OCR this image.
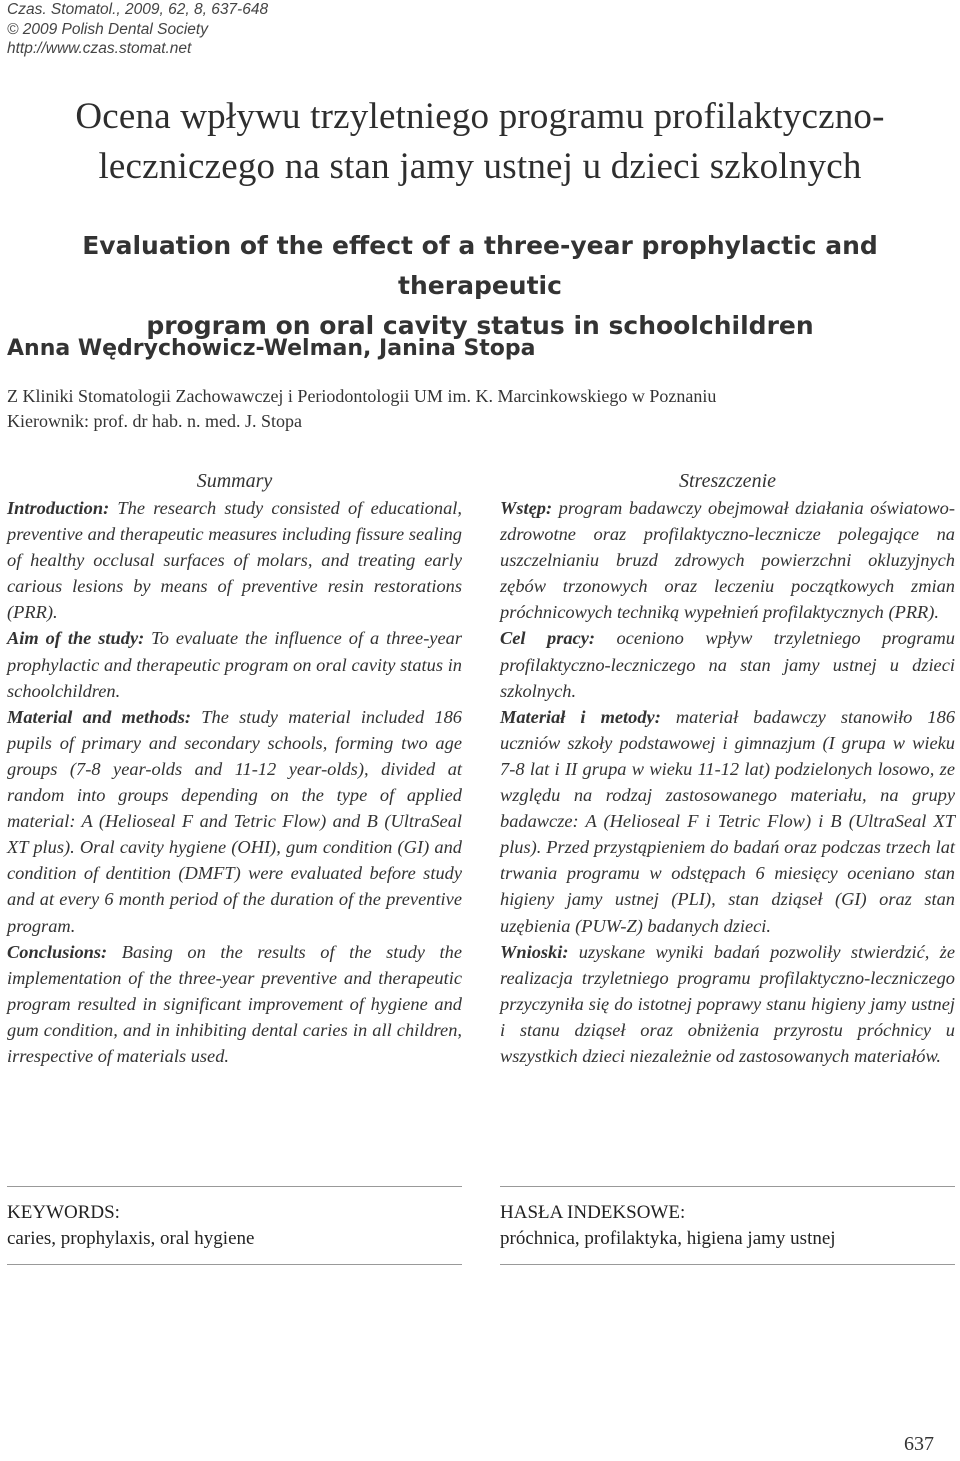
Czas. Stomatol., 2009, 62, 8, 637-648
© 2009 Polish Dental Society
http://www.czas.stomat.net
Ocena wpływu trzyletniego programu profilaktyczno-
leczniczego na stan jamy ustnej u dzieci szkolnych
Evaluation of the effect of a three-year prophylactic and therapeutic
program on oral cavity status in schoolchildren
Anna Wędrychowicz-Welman, Janina Stopa
Z Kliniki Stomatologii Zachowawczej i Periodontologii UM im. K. Marcinkowskiego w Poznaniu
Kierownik: prof. dr hab. n. med. J. Stopa
Summary

Introduction: The research study consisted of educational, preventive and therapeutic measures including fissure sealing of healthy occlusal surfaces of molars, and treating early carious lesions by means of preventive resin restorations (PRR).

Aim of the study: To evaluate the influence of a three-year prophylactic and therapeutic program on oral cavity status in schoolchildren.

Material and methods: The study material included 186 pupils of primary and secondary schools, forming two age groups (7-8 year-olds and 11-12 year-olds), divided at random into groups depending on the type of applied material: A (Helioseal F and Tetric Flow) and B (UltraSeal XT plus). Oral cavity hygiene (OHI), gum condition (GI) and condition of dentition (DMFT) were evaluated before study and at every 6 month period of the duration of the preventive program.

Conclusions: Basing on the results of the study the implementation of the three-year preventive and therapeutic program resulted in significant improvement of hygiene and gum condition, and in inhibiting dental caries in all children, irrespective of materials used.

Streszczenie

Wstęp: program badawczy obejmował działania oświatowo-zdrowotne oraz profilaktyczno-lecznicze polegające na uszczelnianiu bruzd zdrowych powierzchni okluzyjnych zębów trzonowych oraz leczeniu początkowych zmian próchnicowych techniką wypełnień profilaktycznych (PRR).

Cel pracy: oceniono wpływ trzyletniego programu profilaktyczno-leczniczego na stan jamy ustnej u dzieci szkolnych.

Materiał i metody: materiał badawczy stanowiło 186 uczniów szkoły podstawowej i gimnazjum (I grupa w wieku 7-8 lat i II grupa w wieku 11-12 lat) podzielonych losowo, ze względu na rodzaj zastosowanego materiału, na grupy badawcze: A (Helioseal F i Tetric Flow) i B (UltraSeal XT plus). Przed przystąpieniem do badań oraz podczas trzech lat trwania programu w odstępach 6 miesięcy oceniano stan higieny jamy ustnej (PLI), stan dziąseł (GI) oraz stan uzębienia (PUW-Z) badanych dzieci.

Wnioski: uzyskane wyniki badań pozwoliły stwierdzić, że realizacja trzyletniego programu profilaktyczno-leczniczego przyczyniła się do istotnej poprawy stanu higieny jamy ustnej i stanu dziąseł oraz obniżenia przyrostu próchnicy u wszystkich dzieci niezależnie od zastosowanych materiałów.

KEYWORDS:
caries, prophylaxis, oral hygiene
HASŁA INDEKSOWE:
próchnica, profilaktyka, higiena jamy ustnej
637
